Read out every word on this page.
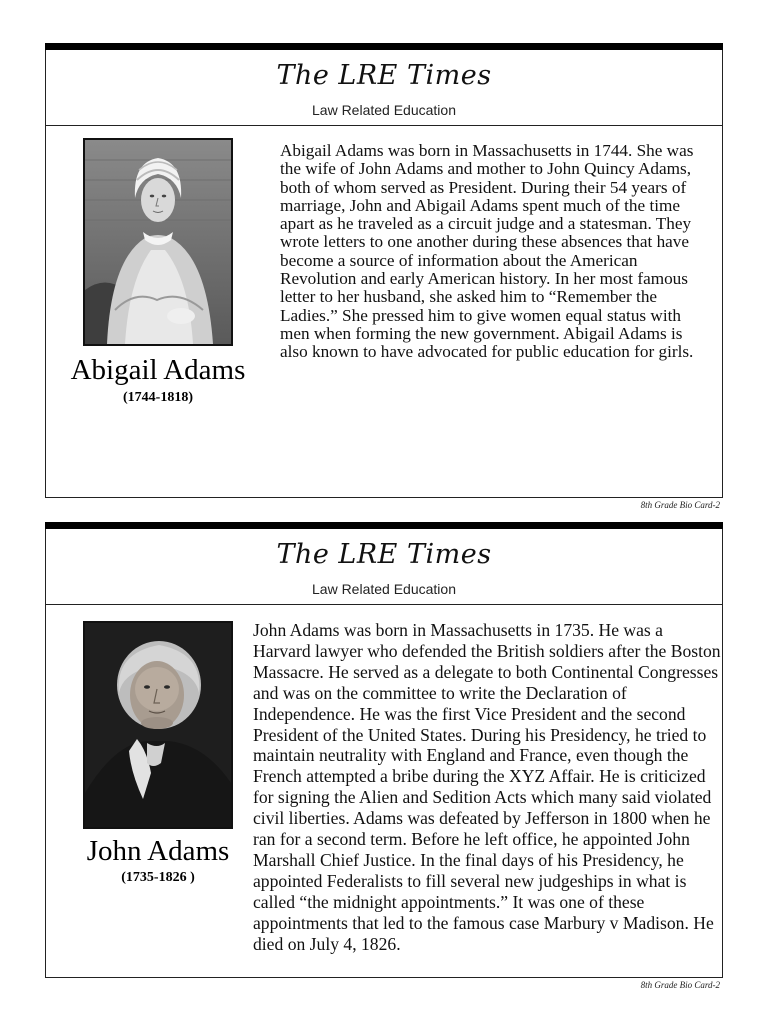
The LRE Times
Law Related Education
Abigail Adams
(1744-1818)

Abigail Adams was born in Massachusetts in 1744. She was the wife of John Adams and mother to John Quincy Adams, both of whom served as President. During their 54 years of marriage, John and Abigail Adams spent much of the time apart as he traveled as a circuit judge and a statesman. They wrote letters to one another during these absences that have become a source of information about the American Revolution and early American history. In her most famous letter to her husband, she asked him to “Remember the Ladies.” She pressed him to give women equal status with men when forming the new government. Abigail Adams is also known to have advocated for public education for girls.

8th Grade Bio Card-2
The LRE Times
Law Related Education
John Adams
(1735-1826 )

John Adams was born in Massachusetts in 1735. He was a Harvard lawyer who defended the British soldiers after the Boston Massacre. He served as a delegate to both Continental Congresses and was on the committee to write the Declaration of Independence. He was the first Vice President and the second President of the United States. During his Presidency, he tried to maintain neutrality with England and France, even though the French attempted a bribe during the XYZ Affair. He is criticized for signing the Alien and Sedition Acts which many said violated civil liberties. Adams was defeated by Jefferson in 1800 when he ran for a second term. Before he left office, he appointed John Marshall Chief Justice. In the final days of his Presidency, he appointed Federalists to fill several new judgeships in what is called “the midnight appointments.” It was one of these appointments that led to the famous case Marbury v Madison. He died on July 4, 1826.

8th Grade Bio Card-2
